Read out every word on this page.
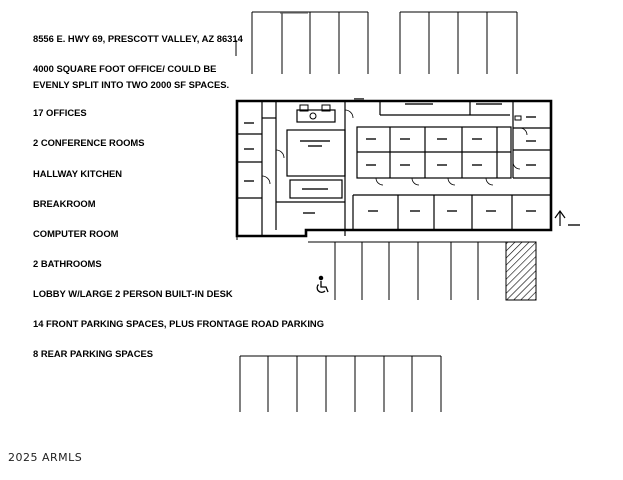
8556 E. HWY 69, PRESCOTT VALLEY, AZ 86314
4000 SQUARE FOOT OFFICE/ COULD BE EVENLY SPLIT INTO TWO 2000 SF SPACES.
17 OFFICES
2 CONFERENCE ROOMS
HALLWAY KITCHEN
BREAKROOM
COMPUTER ROOM
2 BATHROOMS
LOBBY W/LARGE 2 PERSON BUILT-IN DESK
14 FRONT PARKING SPACES, PLUS FRONTAGE ROAD PARKING
8 REAR PARKING SPACES
2025 ARMLS
